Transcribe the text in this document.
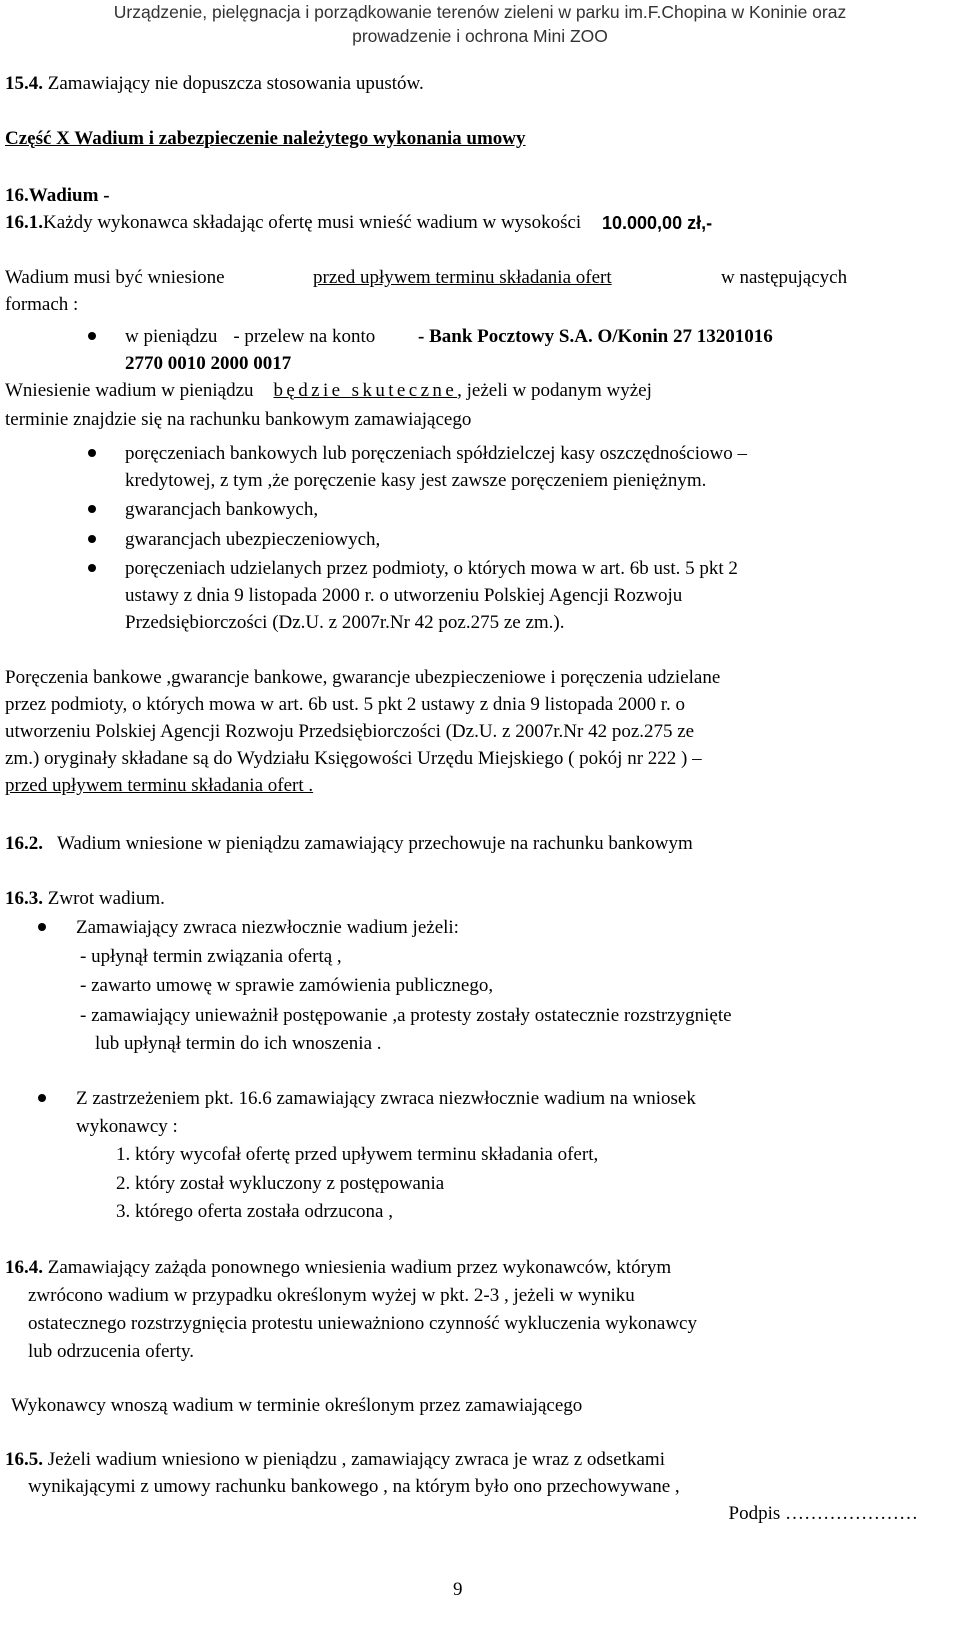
Urządzenie, pielęgnacja i porządkowanie terenów zieleni w parku im.F.Chopina w Koninie oraz
prowadzenie i ochrona Mini ZOO
15.4. Zamawiający nie dopuszcza stosowania upustów.
Część X Wadium i zabezpieczenie należytego wykonania umowy
16.Wadium -
16.1.Każdy wykonawca składając ofertę musi wnieść wadium w wysokości 10.000,00 zł,-
Wadium musi być wniesione	przed upływem terminu składania ofert	w następujących
formach :
w pieniądzu - przelew na konto - Bank Pocztowy S.A. O/Konin 27 13201016
2770 0010 2000 0017
Wniesienie wadium w pieniądzu będzie skuteczne, jeżeli w podanym wyżej
terminie znajdzie się na rachunku bankowym zamawiającego
poręczeniach bankowych lub poręczeniach spółdzielczej kasy oszczędnościowo –
kredytowej, z tym ,że poręczenie kasy jest zawsze poręczeniem pieniężnym.
gwarancjach bankowych,
gwarancjach ubezpieczeniowych,
poręczeniach udzielanych przez podmioty, o których mowa w art. 6b ust. 5 pkt 2
ustawy z dnia 9 listopada 2000 r. o utworzeniu Polskiej Agencji Rozwoju
Przedsiębiorczości (Dz.U. z 2007r.Nr 42 poz.275 ze zm.).
Poręczenia bankowe ,gwarancje bankowe, gwarancje ubezpieczeniowe i poręczenia udzielane
przez podmioty, o których mowa w art. 6b ust. 5 pkt 2 ustawy z dnia 9 listopada 2000 r. o
utworzeniu Polskiej Agencji Rozwoju Przedsiębiorczości (Dz.U. z 2007r.Nr 42 poz.275 ze
zm.) oryginały składane są do Wydziału Księgowości Urzędu Miejskiego ( pokój nr 222 ) –
przed upływem terminu składania ofert .
16.2. Wadium wniesione w pieniądzu zamawiający przechowuje na rachunku bankowym
16.3. Zwrot wadium.
Zamawiający zwraca niezwłocznie wadium jeżeli:
- upłynął termin związania ofertą ,
- zawarto umowę w sprawie zamówienia publicznego,
- zamawiający unieważnił postępowanie ,a protesty zostały ostatecznie rozstrzygnięte
lub upłynął termin do ich wnoszenia .
Z zastrzeżeniem pkt. 16.6 zamawiający zwraca niezwłocznie wadium na wniosek
wykonawcy :
1. który wycofał ofertę przed upływem terminu składania ofert,
2. który został wykluczony z postępowania
3. którego oferta została odrzucona ,
16.4. Zamawiający zażąda ponownego wniesienia wadium przez wykonawców, którym
zwrócono wadium w przypadku określonym wyżej w pkt. 2-3 , jeżeli w wyniku
ostatecznego rozstrzygnięcia protestu unieważniono czynność wykluczenia wykonawcy
lub odrzucenia oferty.
Wykonawcy wnoszą wadium w terminie określonym przez zamawiającego
16.5. Jeżeli wadium wniesiono w pieniądzu , zamawiający zwraca je wraz z odsetkami
wynikającymi z umowy rachunku bankowego , na którym było ono przechowywane ,
Podpis …………………
9
